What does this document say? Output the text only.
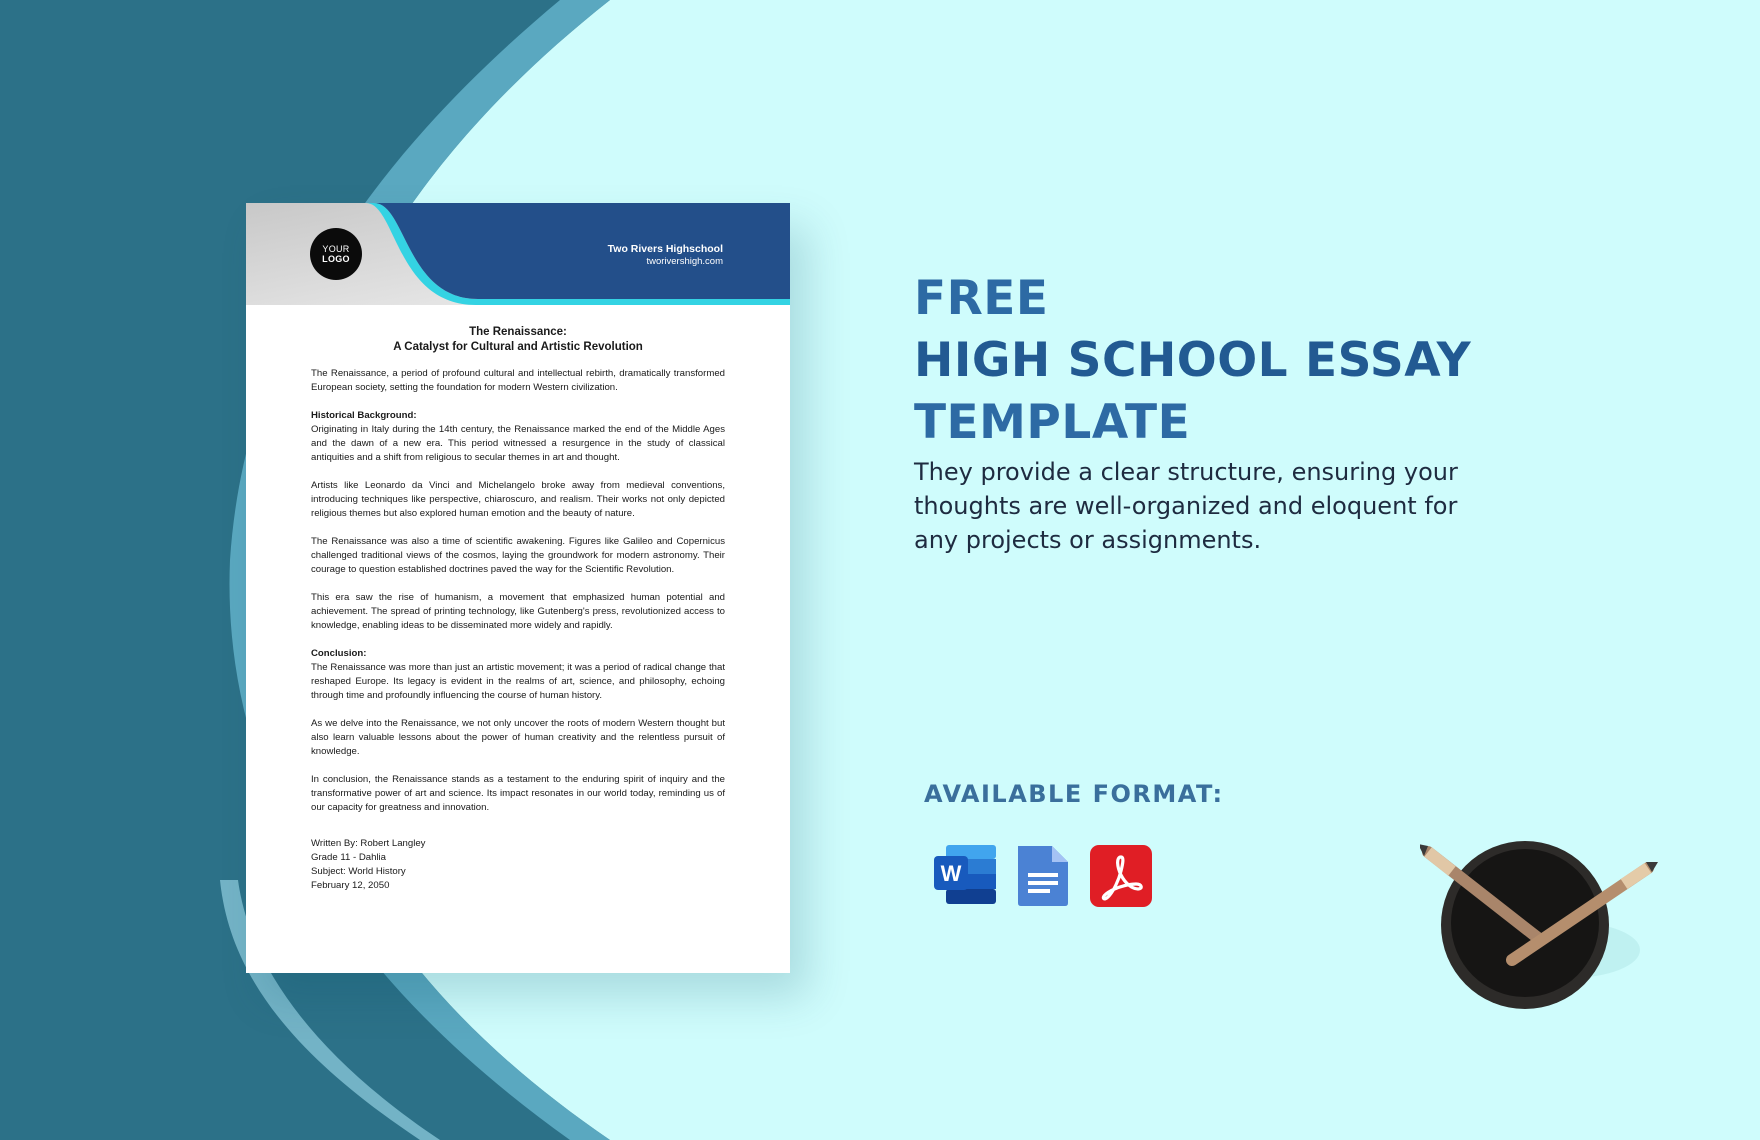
YOUR
LOGO
Two Rivers Highschool
tworivershigh.com
The Renaissance:
A Catalyst for Cultural and Artistic Revolution

The Renaissance, a period of profound cultural and intellectual rebirth, dramatically transformed European society, setting the foundation for modern Western civilization.

Historical Background:

Originating in Italy during the 14th century, the Renaissance marked the end of the Middle Ages and the dawn of a new era. This period witnessed a resurgence in the study of classical antiquities and a shift from religious to secular themes in art and thought.

Artists like Leonardo da Vinci and Michelangelo broke away from medieval conventions, introducing techniques like perspective, chiaroscuro, and realism. Their works not only depicted religious themes but also explored human emotion and the beauty of nature.

The Renaissance was also a time of scientific awakening. Figures like Galileo and Copernicus challenged traditional views of the cosmos, laying the groundwork for modern astronomy. Their courage to question established doctrines paved the way for the Scientific Revolution.

This era saw the rise of humanism, a movement that emphasized human potential and achievement. The spread of printing technology, like Gutenberg's press, revolutionized access to knowledge, enabling ideas to be disseminated more widely and rapidly.

Conclusion:

The Renaissance was more than just an artistic movement; it was a period of radical change that reshaped Europe. Its legacy is evident in the realms of art, science, and philosophy, echoing through time and profoundly influencing the course of human history.

As we delve into the Renaissance, we not only uncover the roots of modern Western thought but also learn valuable lessons about the power of human creativity and the relentless pursuit of knowledge.

In conclusion, the Renaissance stands as a testament to the enduring spirit of inquiry and the transformative power of art and science. Its impact resonates in our world today, reminding us of our capacity for greatness and innovation.

Written By: Robert Langley
Grade 11 - Dahlia
Subject: World History
February 12, 2050
FREE
HIGH SCHOOL ESSAY
TEMPLATE
They provide a clear structure, ensuring your thoughts are well-organized and eloquent for any projects or assignments.
AVAILABLE FORMAT:
W
